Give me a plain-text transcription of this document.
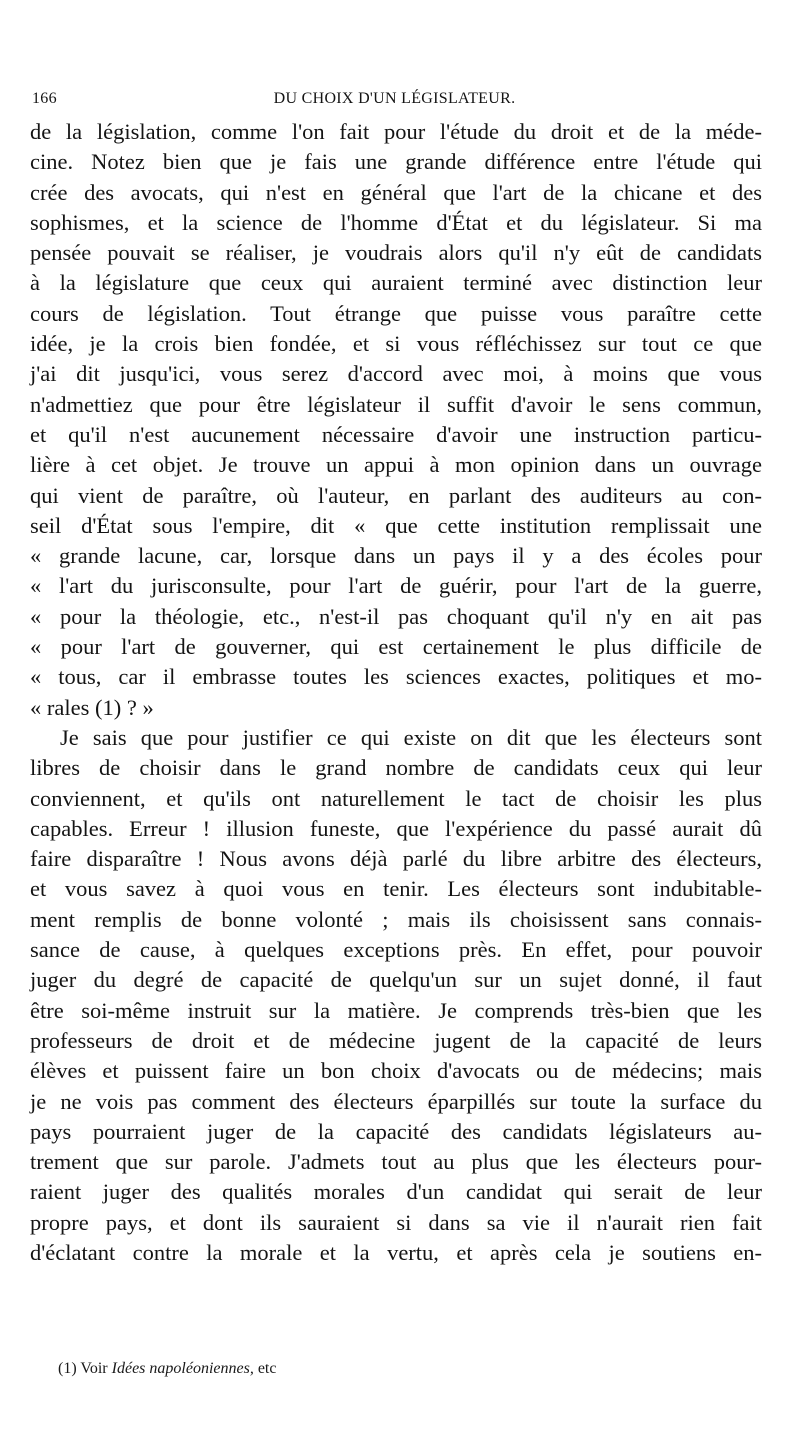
166	DU CHOIX D'UN LÉGISLATEUR.
de la législation, comme l'on fait pour l'étude du droit et de la méde-
cine. Notez bien que je fais une grande différence entre l'étude qui
crée des avocats, qui n'est en général que l'art de la chicane et des
sophismes, et la science de l'homme d'État et du législateur. Si ma
pensée pouvait se réaliser, je voudrais alors qu'il n'y eût de candidats
à la législature que ceux qui auraient terminé avec distinction leur
cours de législation. Tout étrange que puisse vous paraître cette
idée, je la crois bien fondée, et si vous réfléchissez sur tout ce que
j'ai dit jusqu'ici, vous serez d'accord avec moi, à moins que vous
n'admettiez que pour être législateur il suffit d'avoir le sens commun,
et qu'il n'est aucunement nécessaire d'avoir une instruction particu-
lière à cet objet. Je trouve un appui à mon opinion dans un ouvrage
qui vient de paraître, où l'auteur, en parlant des auditeurs au con-
seil d'État sous l'empire, dit « que cette institution remplissait une
« grande lacune, car, lorsque dans un pays il y a des écoles pour
« l'art du jurisconsulte, pour l'art de guérir, pour l'art de la guerre,
« pour la théologie, etc., n'est-il pas choquant qu'il n'y en ait pas
« pour l'art de gouverner, qui est certainement le plus difficile de
« tous, car il embrasse toutes les sciences exactes, politiques et mo-
« rales (1) ? »
Je sais que pour justifier ce qui existe on dit que les électeurs sont
libres de choisir dans le grand nombre de candidats ceux qui leur
conviennent, et qu'ils ont naturellement le tact de choisir les plus
capables. Erreur ! illusion funeste, que l'expérience du passé aurait dû
faire disparaître ! Nous avons déjà parlé du libre arbitre des électeurs,
et vous savez à quoi vous en tenir. Les électeurs sont indubitable-
ment remplis de bonne volonté ; mais ils choisissent sans connais-
sance de cause, à quelques exceptions près. En effet, pour pouvoir
juger du degré de capacité de quelqu'un sur un sujet donné, il faut
être soi-même instruit sur la matière. Je comprends très-bien que les
professeurs de droit et de médecine jugent de la capacité de leurs
élèves et puissent faire un bon choix d'avocats ou de médecins; mais
je ne vois pas comment des électeurs éparpillés sur toute la surface du
pays pourraient juger de la capacité des candidats législateurs au-
trement que sur parole. J'admets tout au plus que les électeurs pour-
raient juger des qualités morales d'un candidat qui serait de leur
propre pays, et dont ils sauraient si dans sa vie il n'aurait rien fait
d'éclatant contre la morale et la vertu, et après cela je soutiens en-
(1) Voir Idées napoléoniennes, etc
